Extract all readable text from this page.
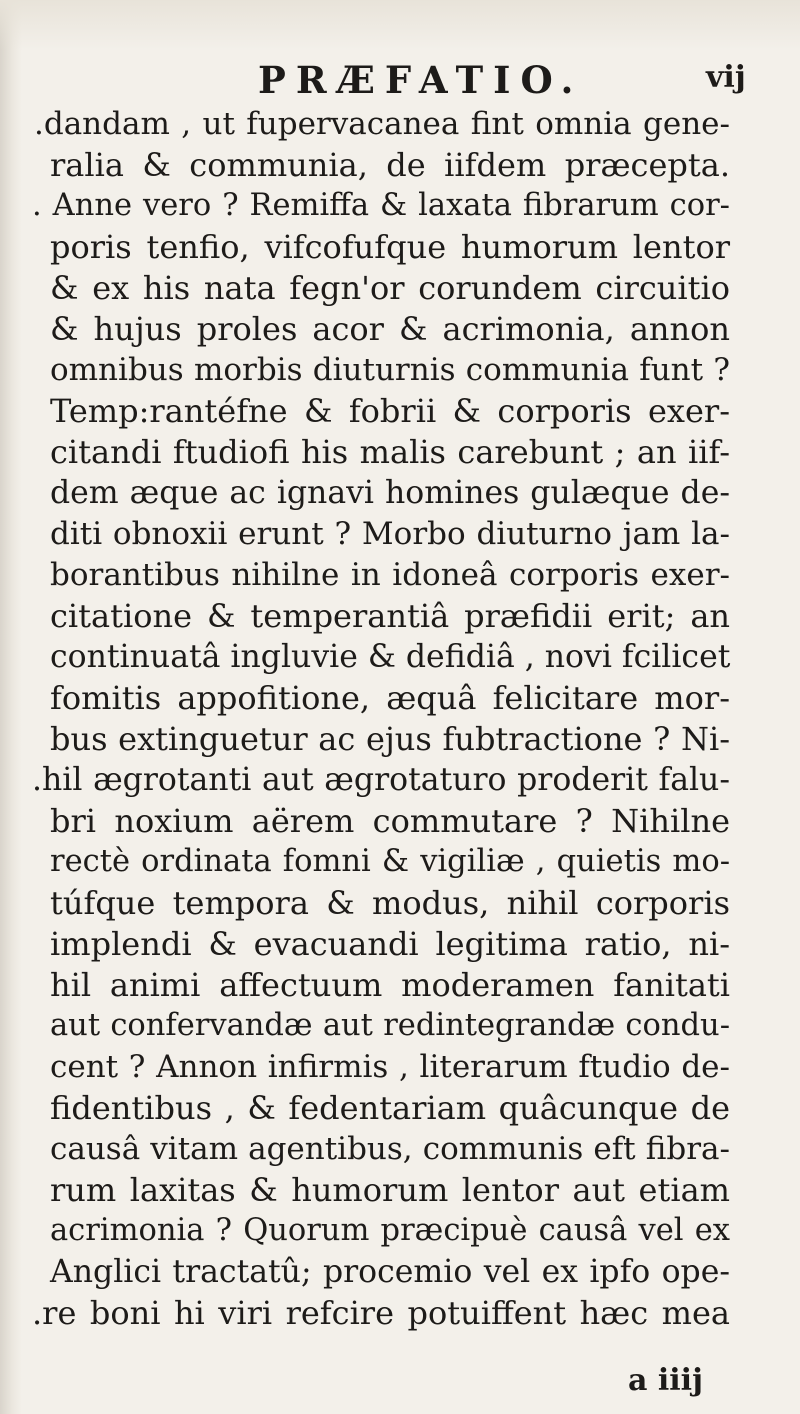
PRÆFATIO.	vij
.dandam , ut fupervacanea fint omnia gene-
ralia & communia, de iifdem præcepta.
. Anne vero ? Remiffa & laxata fibrarum cor-
poris tenfio, vifcofufque humorum lentor
& ex his nata fegn'or corundem circuitio
& hujus proles acor & acrimonia, annon
omnibus morbis diuturnis communia funt ?
Temp:rantéfne & fobrii & corporis exer-
citandi ftudiofi his malis carebunt ; an iif-
dem æque ac ignavi homines gulæque de-
diti obnoxii erunt ? Morbo diuturno jam la-
borantibus nihilne in idoneâ corporis exer-
citatione & temperantiâ præfidii erit; an
continuatâ ingluvie & defidiâ , novi fcilicet
fomitis appofitione, æquâ felicitare mor-
bus extinguetur ac ejus fubtractione ? Ni-
.hil ægrotanti aut ægrotaturo proderit falu-
bri noxium aërem commutare ? Nihilne
rectè ordinata fomni & vigiliæ , quietis mo-
túfque tempora & modus, nihil corporis
implendi & evacuandi legitima ratio, ni-
hil animi affectuum moderamen fanitati
aut confervandæ aut redintegrandæ condu-
cent ? Annon infirmis , literarum ftudio de-
fidentibus , & fedentariam quâcunque de
causâ vitam agentibus, communis eft fibra-
rum laxitas & humorum lentor aut etiam
acrimonia ? Quorum præcipuè causâ vel ex
Anglici tractatû; procemio vel ex ipfo ope-
.re boni hi viri refcire potuiffent hæc mea
a iiij
